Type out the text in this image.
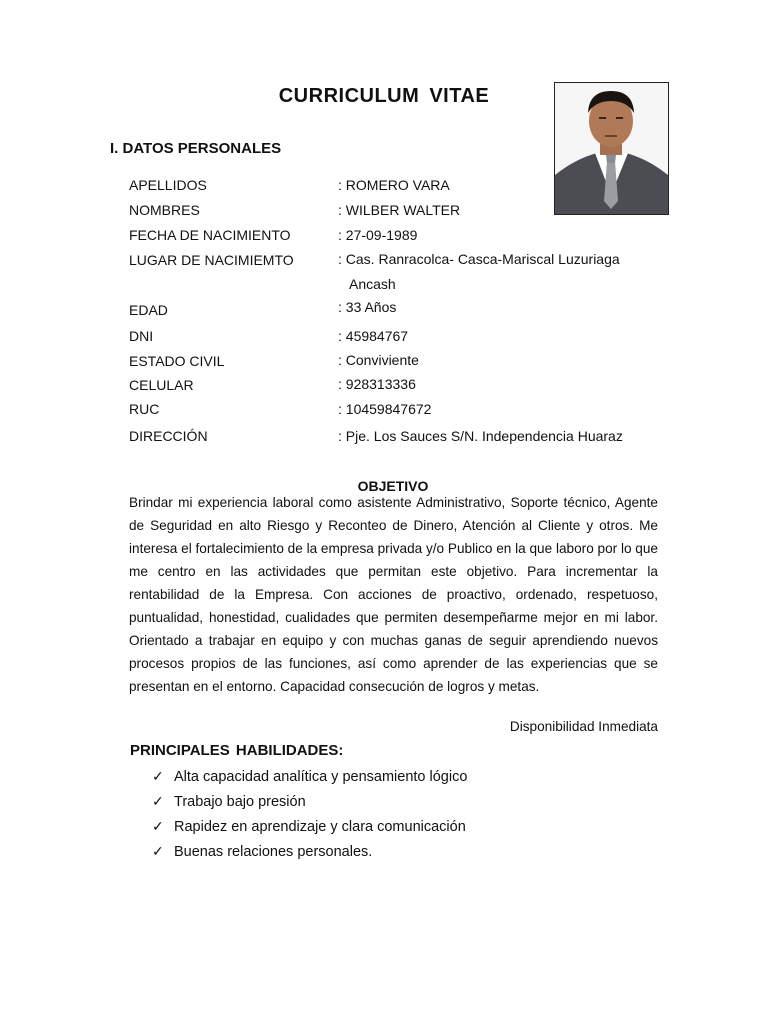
CURRICULUM VITAE
I. DATOS PERSONALES
APELLIDOS	: ROMERO VARA
NOMBRES	: WILBER WALTER
FECHA DE NACIMIENTO	: 27-09-1989
LUGAR DE NACIMIEMTO	: Cas. Ranracolca- Casca-Mariscal Luzuriaga
Ancash
EDAD	: 33 Años
DNI	: 45984767
ESTADO CIVIL	: Conviviente
CELULAR	: 928313336
RUC	: 10459847672
DIRECCIÓN	: Pje. Los Sauces S/N. Independencia Huaraz
OBJETIVO

Brindar mi experiencia laboral como asistente Administrativo, Soporte técnico, Agente de Seguridad en alto Riesgo y Reconteo de Dinero, Atención al Cliente y otros. Me interesa el fortalecimiento de la empresa privada y/o Publico en la que laboro por lo que me centro en las actividades que permitan este objetivo. Para incrementar la rentabilidad de la Empresa. Con acciones de proactivo, ordenado, respetuoso, puntualidad, honestidad, cualidades que permiten desempeñarme mejor en mi labor. Orientado a trabajar en equipo y con muchas ganas de seguir aprendiendo nuevos procesos propios de las funciones, así como aprender de las experiencias que se presentan en el entorno. Capacidad consecución de logros y metas.

Disponibilidad Inmediata
PRINCIPALES HABILIDADES:
✓ Alta capacidad analítica y pensamiento lógico
✓ Trabajo bajo presión
✓ Rapidez en aprendizaje y clara comunicación
✓ Buenas relaciones personales.
